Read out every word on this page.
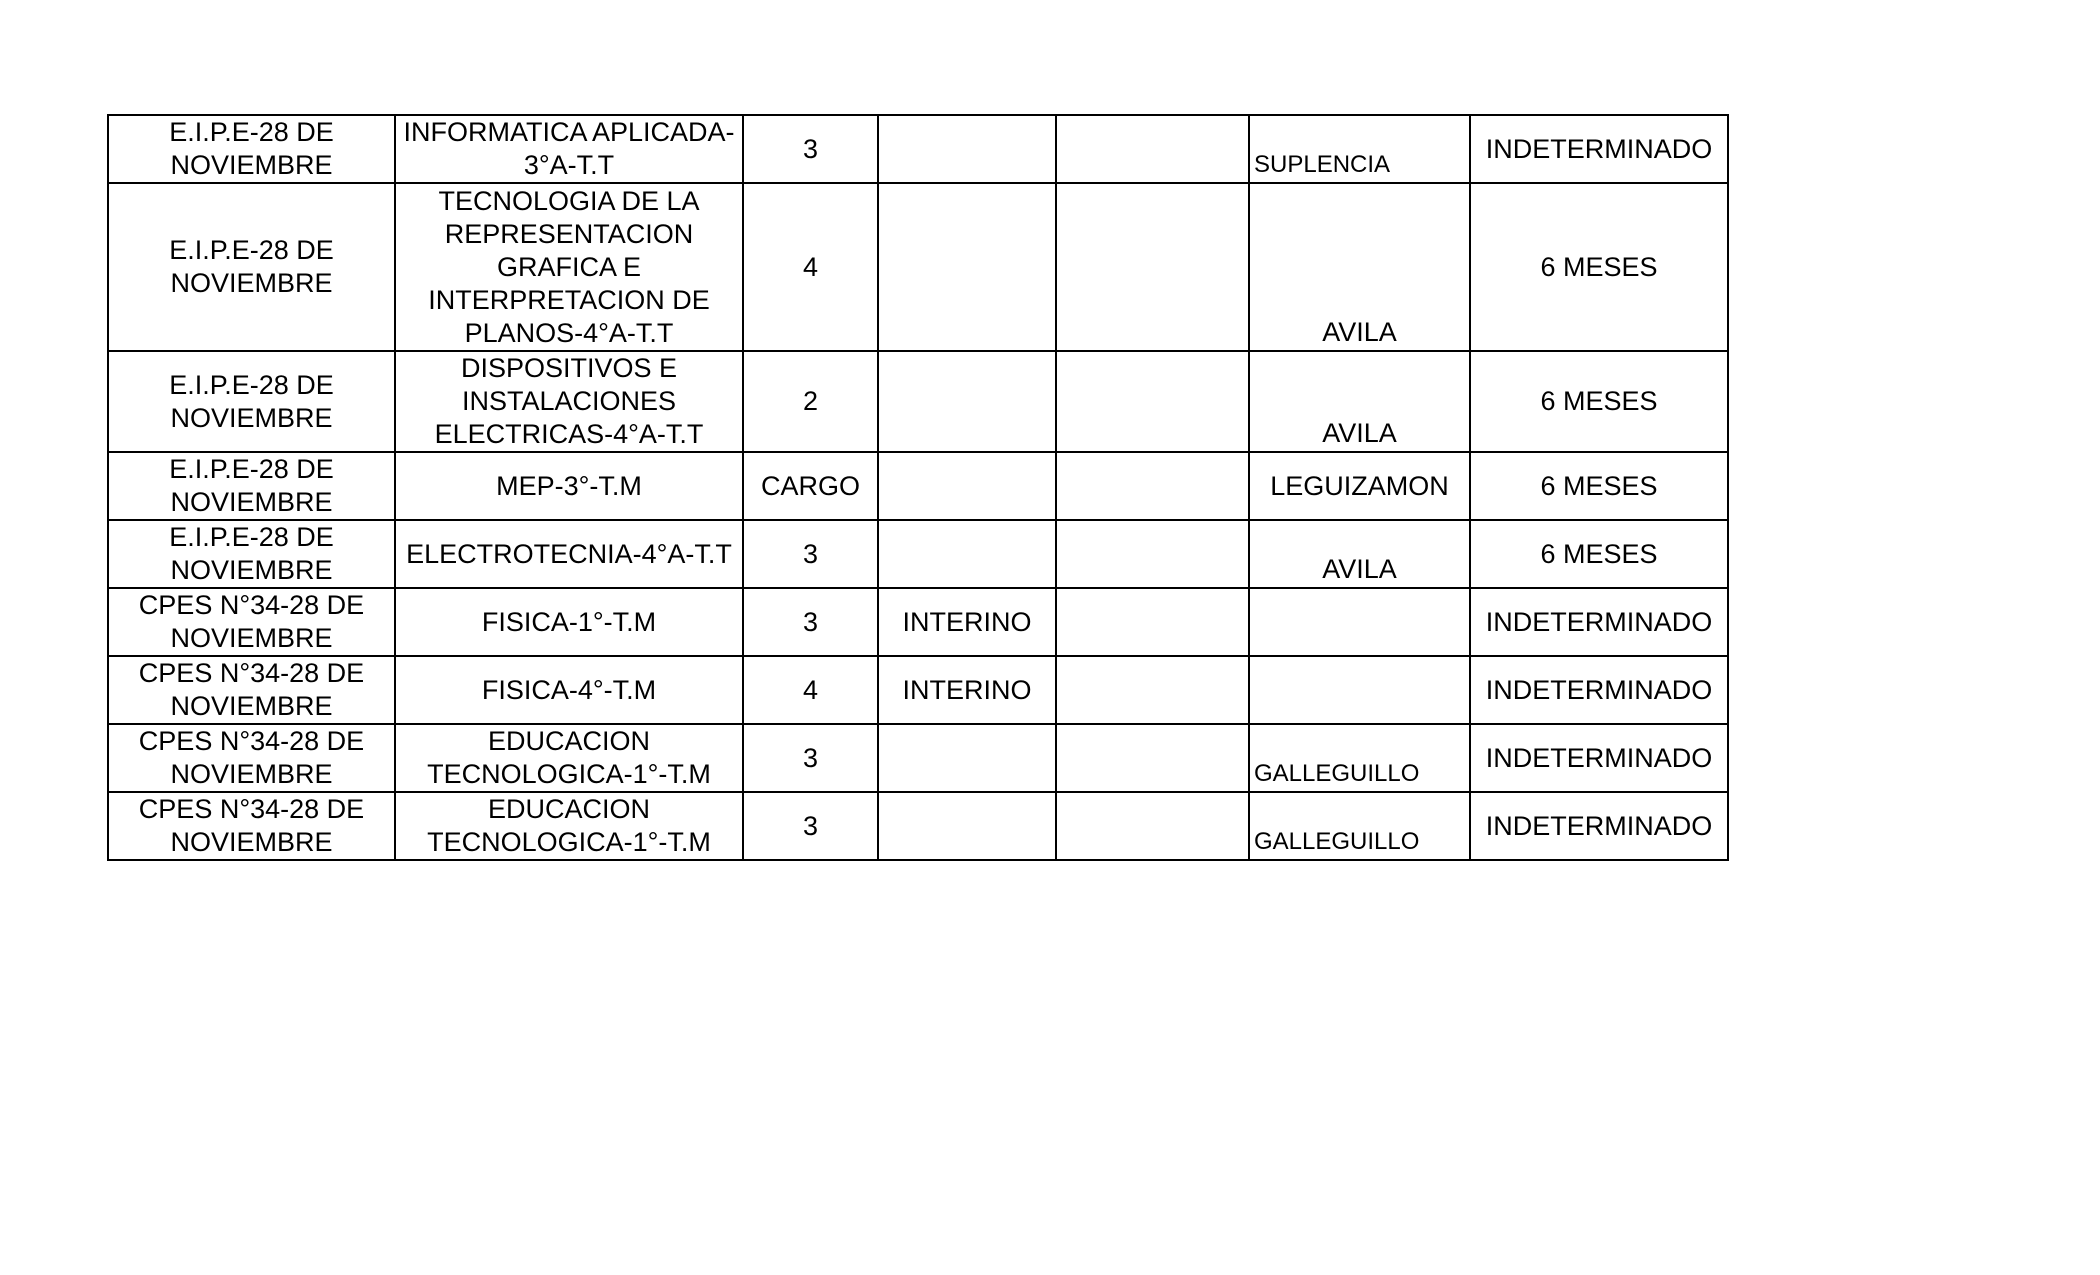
E.I.P.E-28 DE NOVIEMBRE	INFORMATICA APLICADA-3°A-T.T	3			SUPLENCIA	INDETERMINADO
E.I.P.E-28 DE NOVIEMBRE	TECNOLOGIA DE LA REPRESENTACION GRAFICA E INTERPRETACION DE PLANOS-4°A-T.T	4			AVILA	6 MESES
E.I.P.E-28 DE NOVIEMBRE	DISPOSITIVOS E INSTALACIONES ELECTRICAS-4°A-T.T	2			AVILA	6 MESES
E.I.P.E-28 DE NOVIEMBRE	MEP-3°-T.M	CARGO			LEGUIZAMON	6 MESES
E.I.P.E-28 DE NOVIEMBRE	ELECTROTECNIA-4°A-T.T	3			AVILA	6 MESES
CPES N°34-28 DE NOVIEMBRE	FISICA-1°-T.M	3	INTERINO			INDETERMINADO
CPES N°34-28 DE NOVIEMBRE	FISICA-4°-T.M	4	INTERINO			INDETERMINADO
CPES N°34-28 DE NOVIEMBRE	EDUCACION TECNOLOGICA-1°-T.M	3			GALLEGUILLO	INDETERMINADO
CPES N°34-28 DE NOVIEMBRE	EDUCACION TECNOLOGICA-1°-T.M	3			GALLEGUILLO	INDETERMINADO
